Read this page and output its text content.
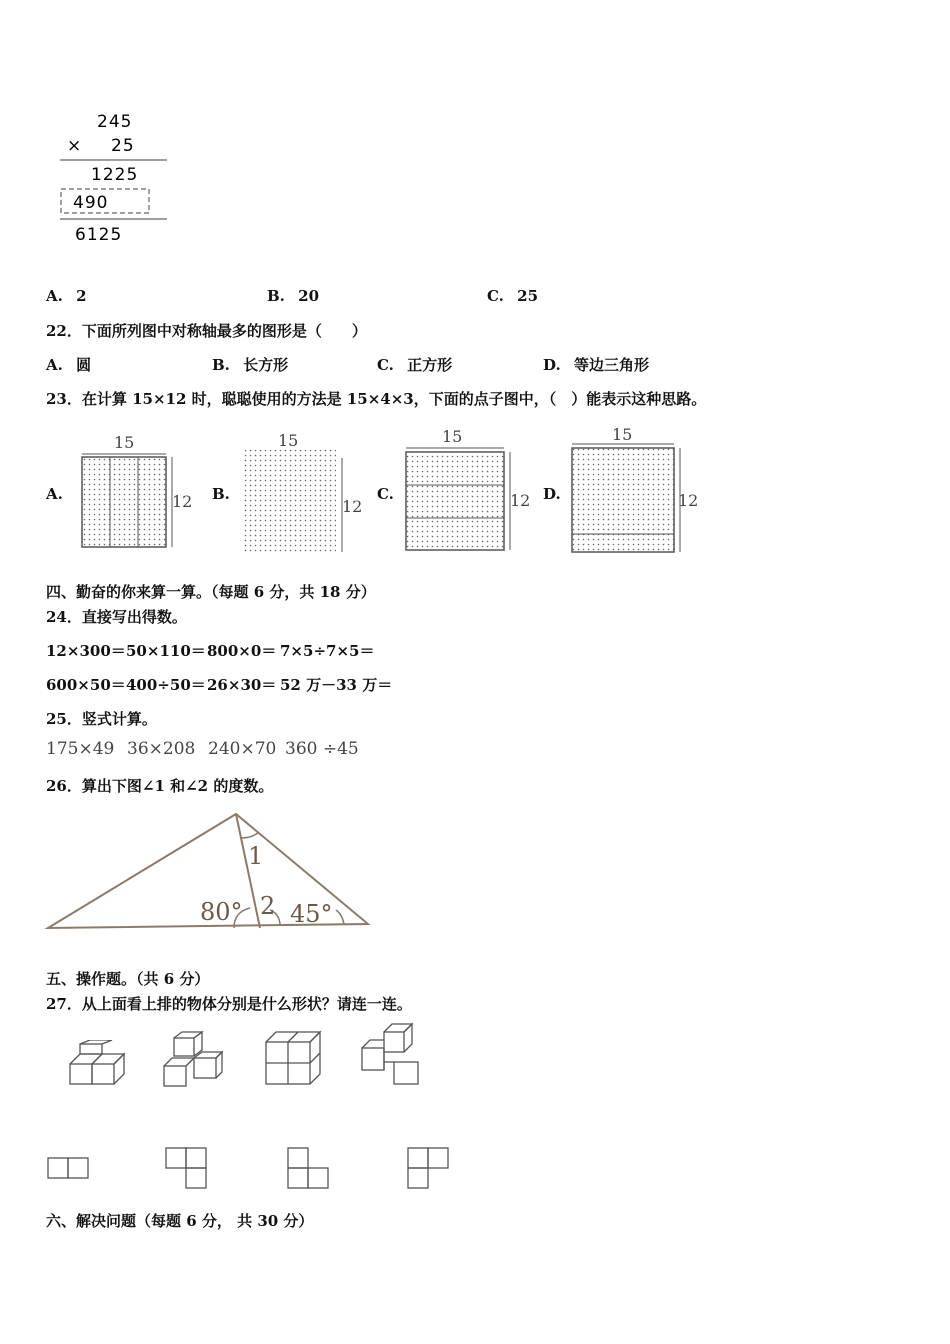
245
× 25
1225
490
6125
A. 2	B. 20	C. 25
22．下面所列图中对称轴最多的图形是（　　）
A. 圆	B. 长方形	C. 正方形	D. 等边三角形
23．在计算 15×12 时，聪聪使用的方法是 15×4×3，下面的点子图中，（　）能表示这种思路。
A.
15
12 B.
15
12
C.
15
12 D.
15
12
四、勤奋的你来算一算。（每题 6 分，共 18 分）
24．直接写出得数。
12×300＝ 50×110＝ 800×0＝ 7×5÷7×5＝
600×50＝ 400÷50＝ 26×30＝ 52 万－33 万＝
25．竖式计算。
175×49 36×208 240×70 360 ÷45
26．算出下图∠1 和∠2 的度数。
1
80° 2 45°
五、操作题。（共 6 分）
27．从上面看上排的物体分别是什么形状？请连一连。
六、解决问题（每题 6 分， 共 30 分）
